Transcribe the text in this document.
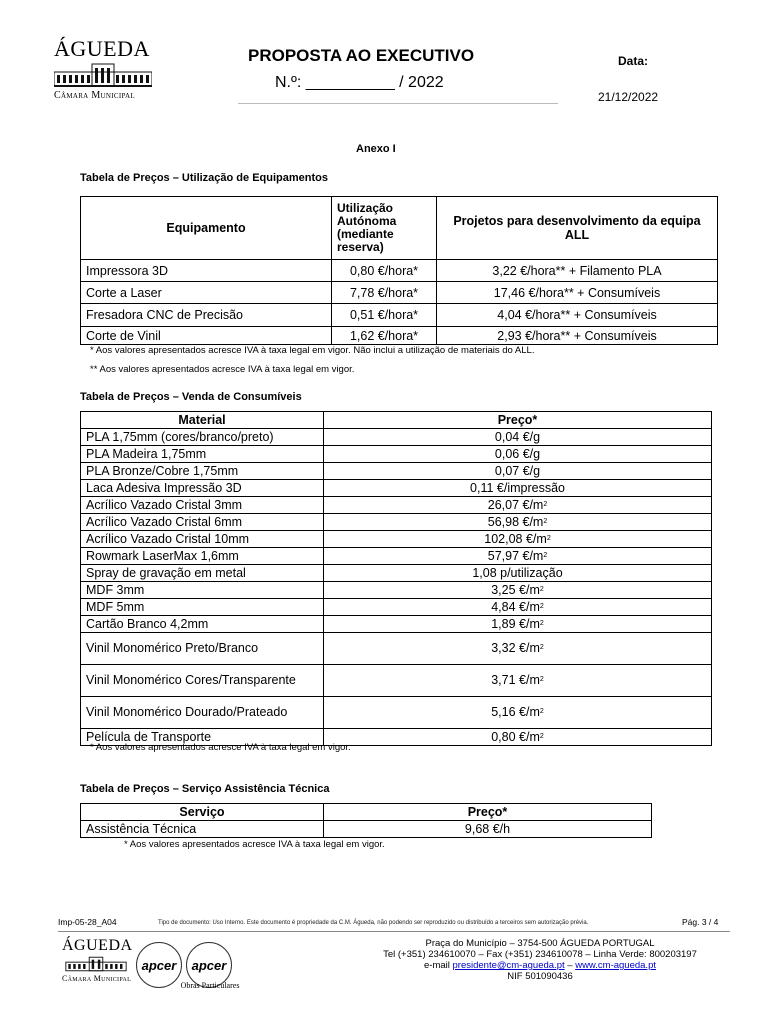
ÁGUEDA
Câmara Municipal
PROPOSTA AO EXECUTIVO
N.º: __________ / 2022
Data:
21/12/2022
Anexo I
Tabela de Preços – Utilização de Equipamentos
Equipamento	Utilização Autónoma (mediante reserva)	Projetos para desenvolvimento da equipa ALL
Impressora 3D	0,80 €/hora*	3,22 €/hora** + Filamento PLA
Corte a Laser	7,78 €/hora*	17,46 €/hora** + Consumíveis
Fresadora CNC de Precisão	0,51 €/hora*	4,04 €/hora** + Consumíveis
Corte de Vinil	1,62 €/hora*	2,93 €/hora** + Consumíveis
* Aos valores apresentados acresce IVA à taxa legal em vigor. Não inclui a utilização de materiais do ALL.
** Aos valores apresentados acresce IVA à taxa legal em vigor.
Tabela de Preços – Venda de Consumíveis
Material	Preço*
PLA 1,75mm (cores/branco/preto)	0,04 €/g
PLA Madeira 1,75mm	0,06 €/g
PLA Bronze/Cobre 1,75mm	0,07 €/g
Laca Adesiva Impressão 3D	0,11 €/impressão
Acrílico Vazado Cristal 3mm	26,07 $€/m^2$
Acrílico Vazado Cristal 6mm	56,98 $€/m^2$
Acrílico Vazado Cristal 10mm	102,08 $€/m^2$
Rowmark LaserMax 1,6mm	57,97 $€/m^2$
Spray de gravação em metal	1,08 p/utilização
MDF 3mm	3,25 $€/m^2$
MDF 5mm	4,84 $€/m^2$
Cartão Branco 4,2mm	1,89 $€/m^2$
Vinil Monomérico Preto/Branco	3,32 $€/m^2$
Vinil Monomérico Cores/Transparente	3,71 $€/m^2$
Vinil Monomérico Dourado/Prateado	5,16 $€/m^2$
Película de Transporte	0,80 $€/m^2$
* Aos valores apresentados acresce IVA à taxa legal em vigor.
Tabela de Preços – Serviço Assistência Técnica
Serviço	Preço*
Assistência Técnica	9,68 €/h
* Aos valores apresentados acresce IVA à taxa legal em vigor.
Imp-05-28_A04	Tipo de documento: Uso Interno. Este documento é propriedade da C.M. Águeda, não podendo ser reproduzido ou distribuído a terceiros sem autorização prévia.	Pág. 3 / 4
ÁGUEDA
Câmara Municipal
apcer apcer
Obras Particulares
Praça do Município – 3754-500 ÁGUEDA PORTUGAL
Tel (+351) 234610070 – Fax (+351) 234610078 – Linha Verde: 800203197
e-mail presidente@cm-agueda.pt – www.cm-agueda.pt
NIF 501090436
